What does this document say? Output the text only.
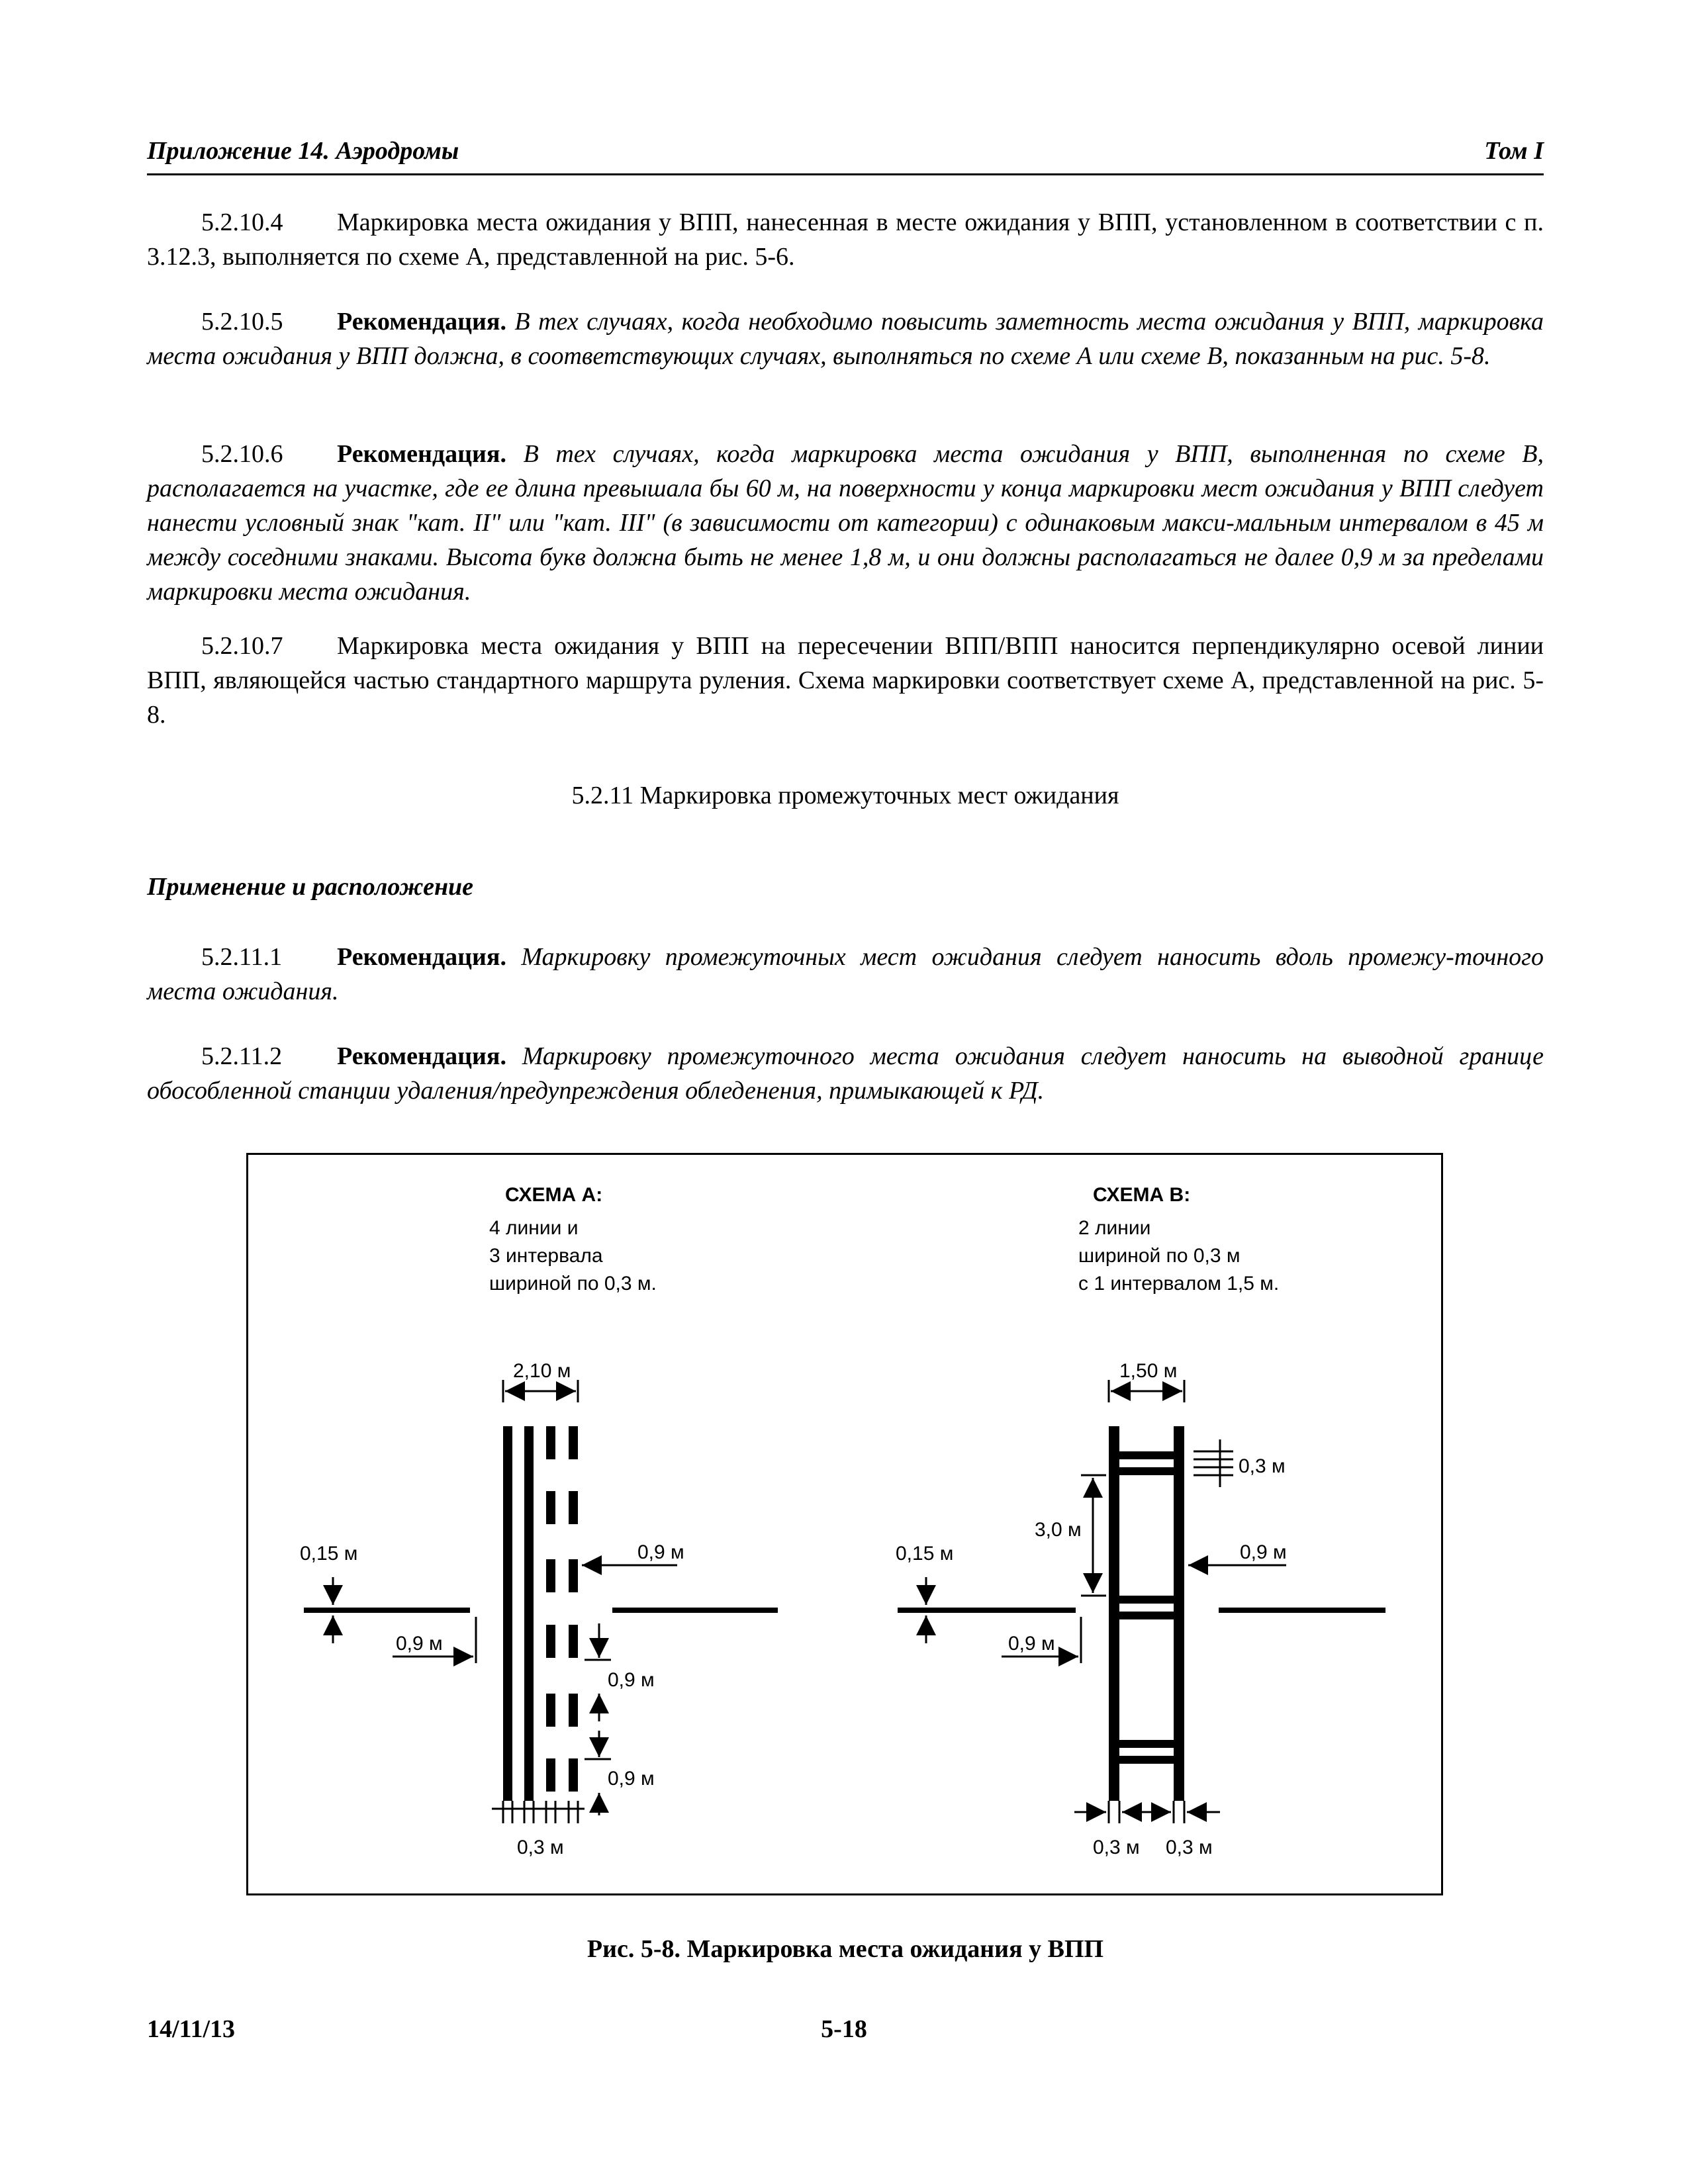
Приложение 14. Аэродромы	Том I
5.2.10.4 Маркировка места ожидания у ВПП, нанесенная в месте ожидания у ВПП, установленном в соответствии с п. 3.12.3, выполняется по схеме А, представленной на рис. 5-6.
5.2.10.5 Рекомендация. В тех случаях, когда необходимо повысить заметность места ожидания у ВПП, маркировка места ожидания у ВПП должна, в соответствующих случаях, выполняться по схеме А или схеме В, показанным на рис. 5-8.
5.2.10.6 Рекомендация. В тех случаях, когда маркировка места ожидания у ВПП, выполненная по схеме В, располагается на участке, где ее длина превышала бы 60 м, на поверхности у конца маркировки мест ожидания у ВПП следует нанести условный знак "кат. II" или "кат. III" (в зависимости от категории) с одинаковым макси-мальным интервалом в 45 м между соседними знаками. Высота букв должна быть не менее 1,8 м, и они должны располагаться не далее 0,9 м за пределами маркировки места ожидания.
5.2.10.7 Маркировка места ожидания у ВПП на пересечении ВПП/ВПП наносится перпендикулярно осевой линии ВПП, являющейся частью стандартного маршрута руления. Схема маркировки соответствует схеме А, представленной на рис. 5-8.
5.2.11 Маркировка промежуточных мест ожидания
Применение и расположение
5.2.11.1 Рекомендация. Маркировку промежуточных мест ожидания следует наносить вдоль промежу-точного места ожидания.
5.2.11.2 Рекомендация. Маркировку промежуточного места ожидания следует наносить на выводной границе обособленной станции удаления/предупреждения обледенения, примыкающей к РД.
СХЕМА А:
4 линии и
3 интервала
шириной по 0,3 м.
2,10 м
0,15 м
0,9 м
0,9 м
0,9 м
0,9 м
0,3 м
СХЕМА В:
2 линии
шириной по 0,3 м
с 1 интервалом 1,5 м.
1,50 м
0,3 м
3,0 м
0,15 м
0,9 м
0,9 м
0,3 м 0,3 м
Рис. 5-8. Маркировка места ожидания у ВПП
14/11/13	5-18
